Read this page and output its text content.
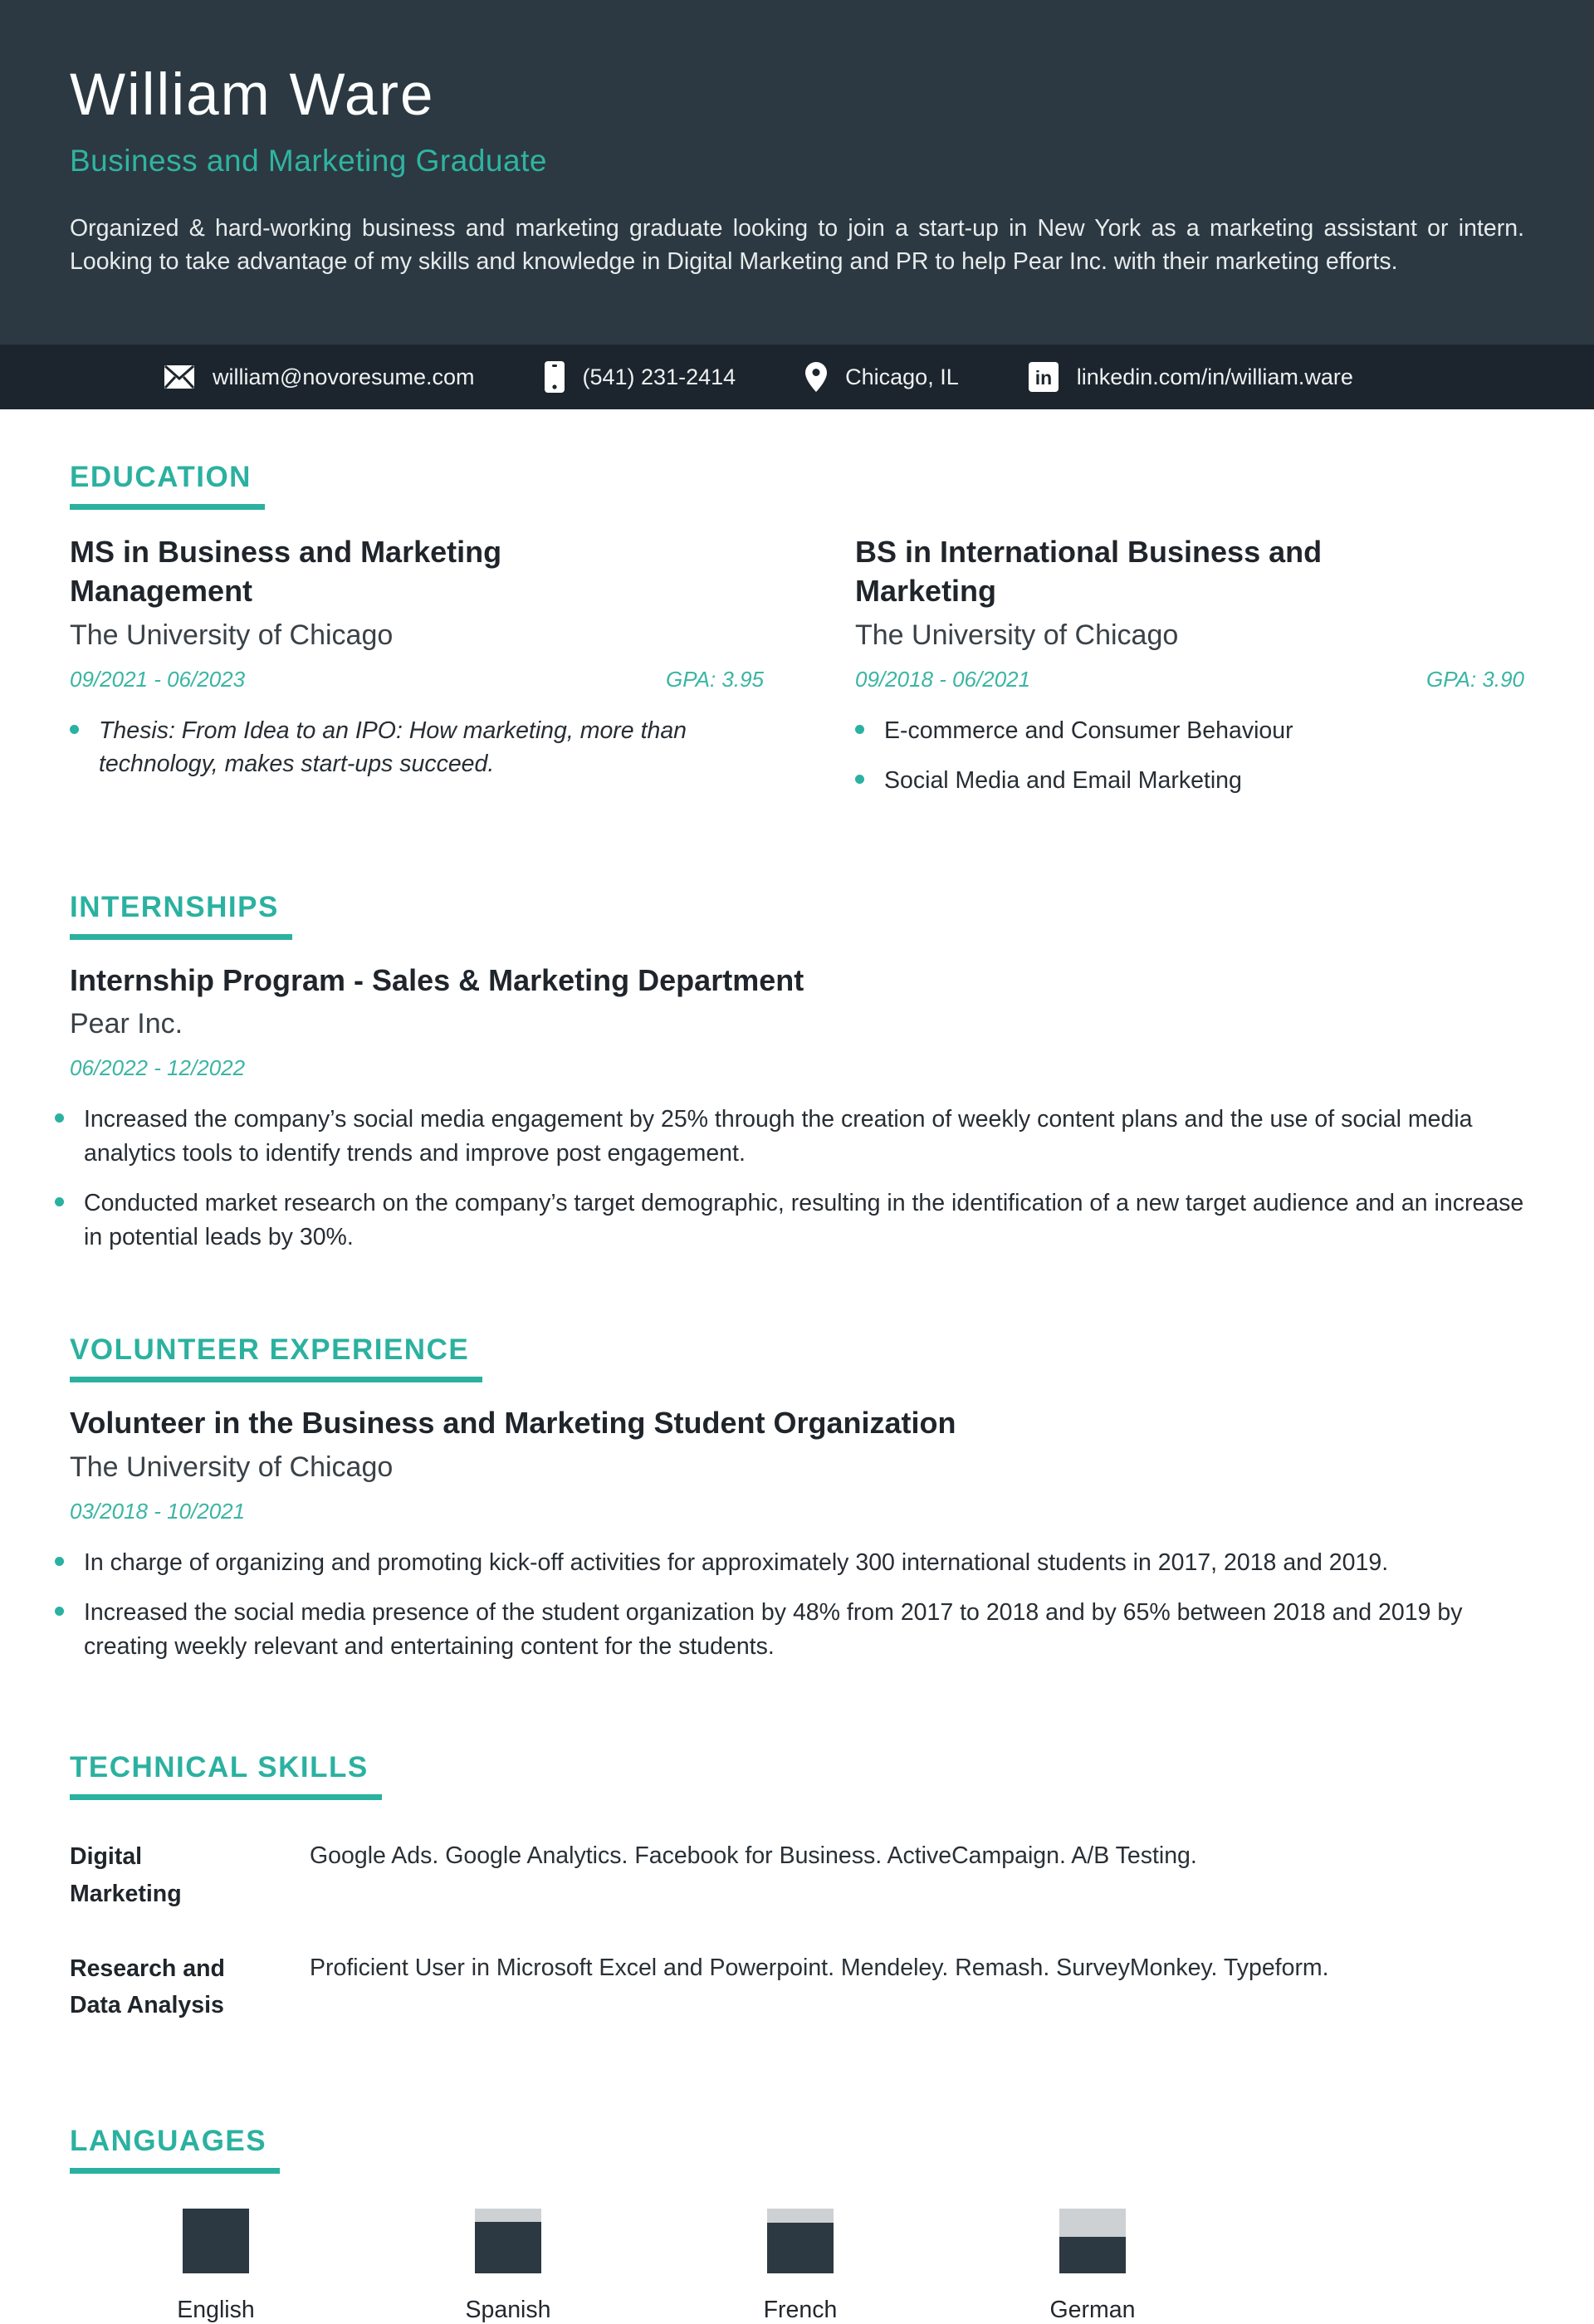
William Ware
Business and Marketing Graduate
Organized & hard-working business and marketing graduate looking to join a start-up in New York as a marketing assistant or intern. Looking to take advantage of my skills and knowledge in Digital Marketing and PR to help Pear Inc. with their marketing efforts.
william@novoresume.com	(541) 231-2414	Chicago, IL	in linkedin.com/in/william.ware
EDUCATION
MS in Business and Marketing Management
The University of Chicago
09/2021 - 06/2023	GPA: 3.95
Thesis: From Idea to an IPO: How marketing, more than technology, makes start-ups succeed.
BS in International Business and Marketing
The University of Chicago
09/2018 - 06/2021	GPA: 3.90
E-commerce and Consumer Behaviour
Social Media and Email Marketing
INTERNSHIPS
Internship Program - Sales & Marketing Department
Pear Inc.
06/2022 - 12/2022
Increased the company’s social media engagement by 25% through the creation of weekly content plans and the use of social media analytics tools to identify trends and improve post engagement.
Conducted market research on the company’s target demographic, resulting in the identification of a new target audience and an increase in potential leads by 30%.
VOLUNTEER EXPERIENCE
Volunteer in the Business and Marketing Student Organization
The University of Chicago
03/2018 - 10/2021
In charge of organizing and promoting kick-off activities for approximately 300 international students in 2017, 2018 and 2019.
Increased the social media presence of the student organization by 48% from 2017 to 2018 and by 65% between 2018 and 2019 by creating weekly relevant and entertaining content for the students.
TECHNICAL SKILLS
Digital Marketing
Google Ads. Google Analytics. Facebook for Business. ActiveCampaign. A/B Testing.
Research and Data Analysis
Proficient User in Microsoft Excel and Powerpoint. Mendeley. Remash. SurveyMonkey. Typeform.
LANGUAGES
English	Spanish	French	German
